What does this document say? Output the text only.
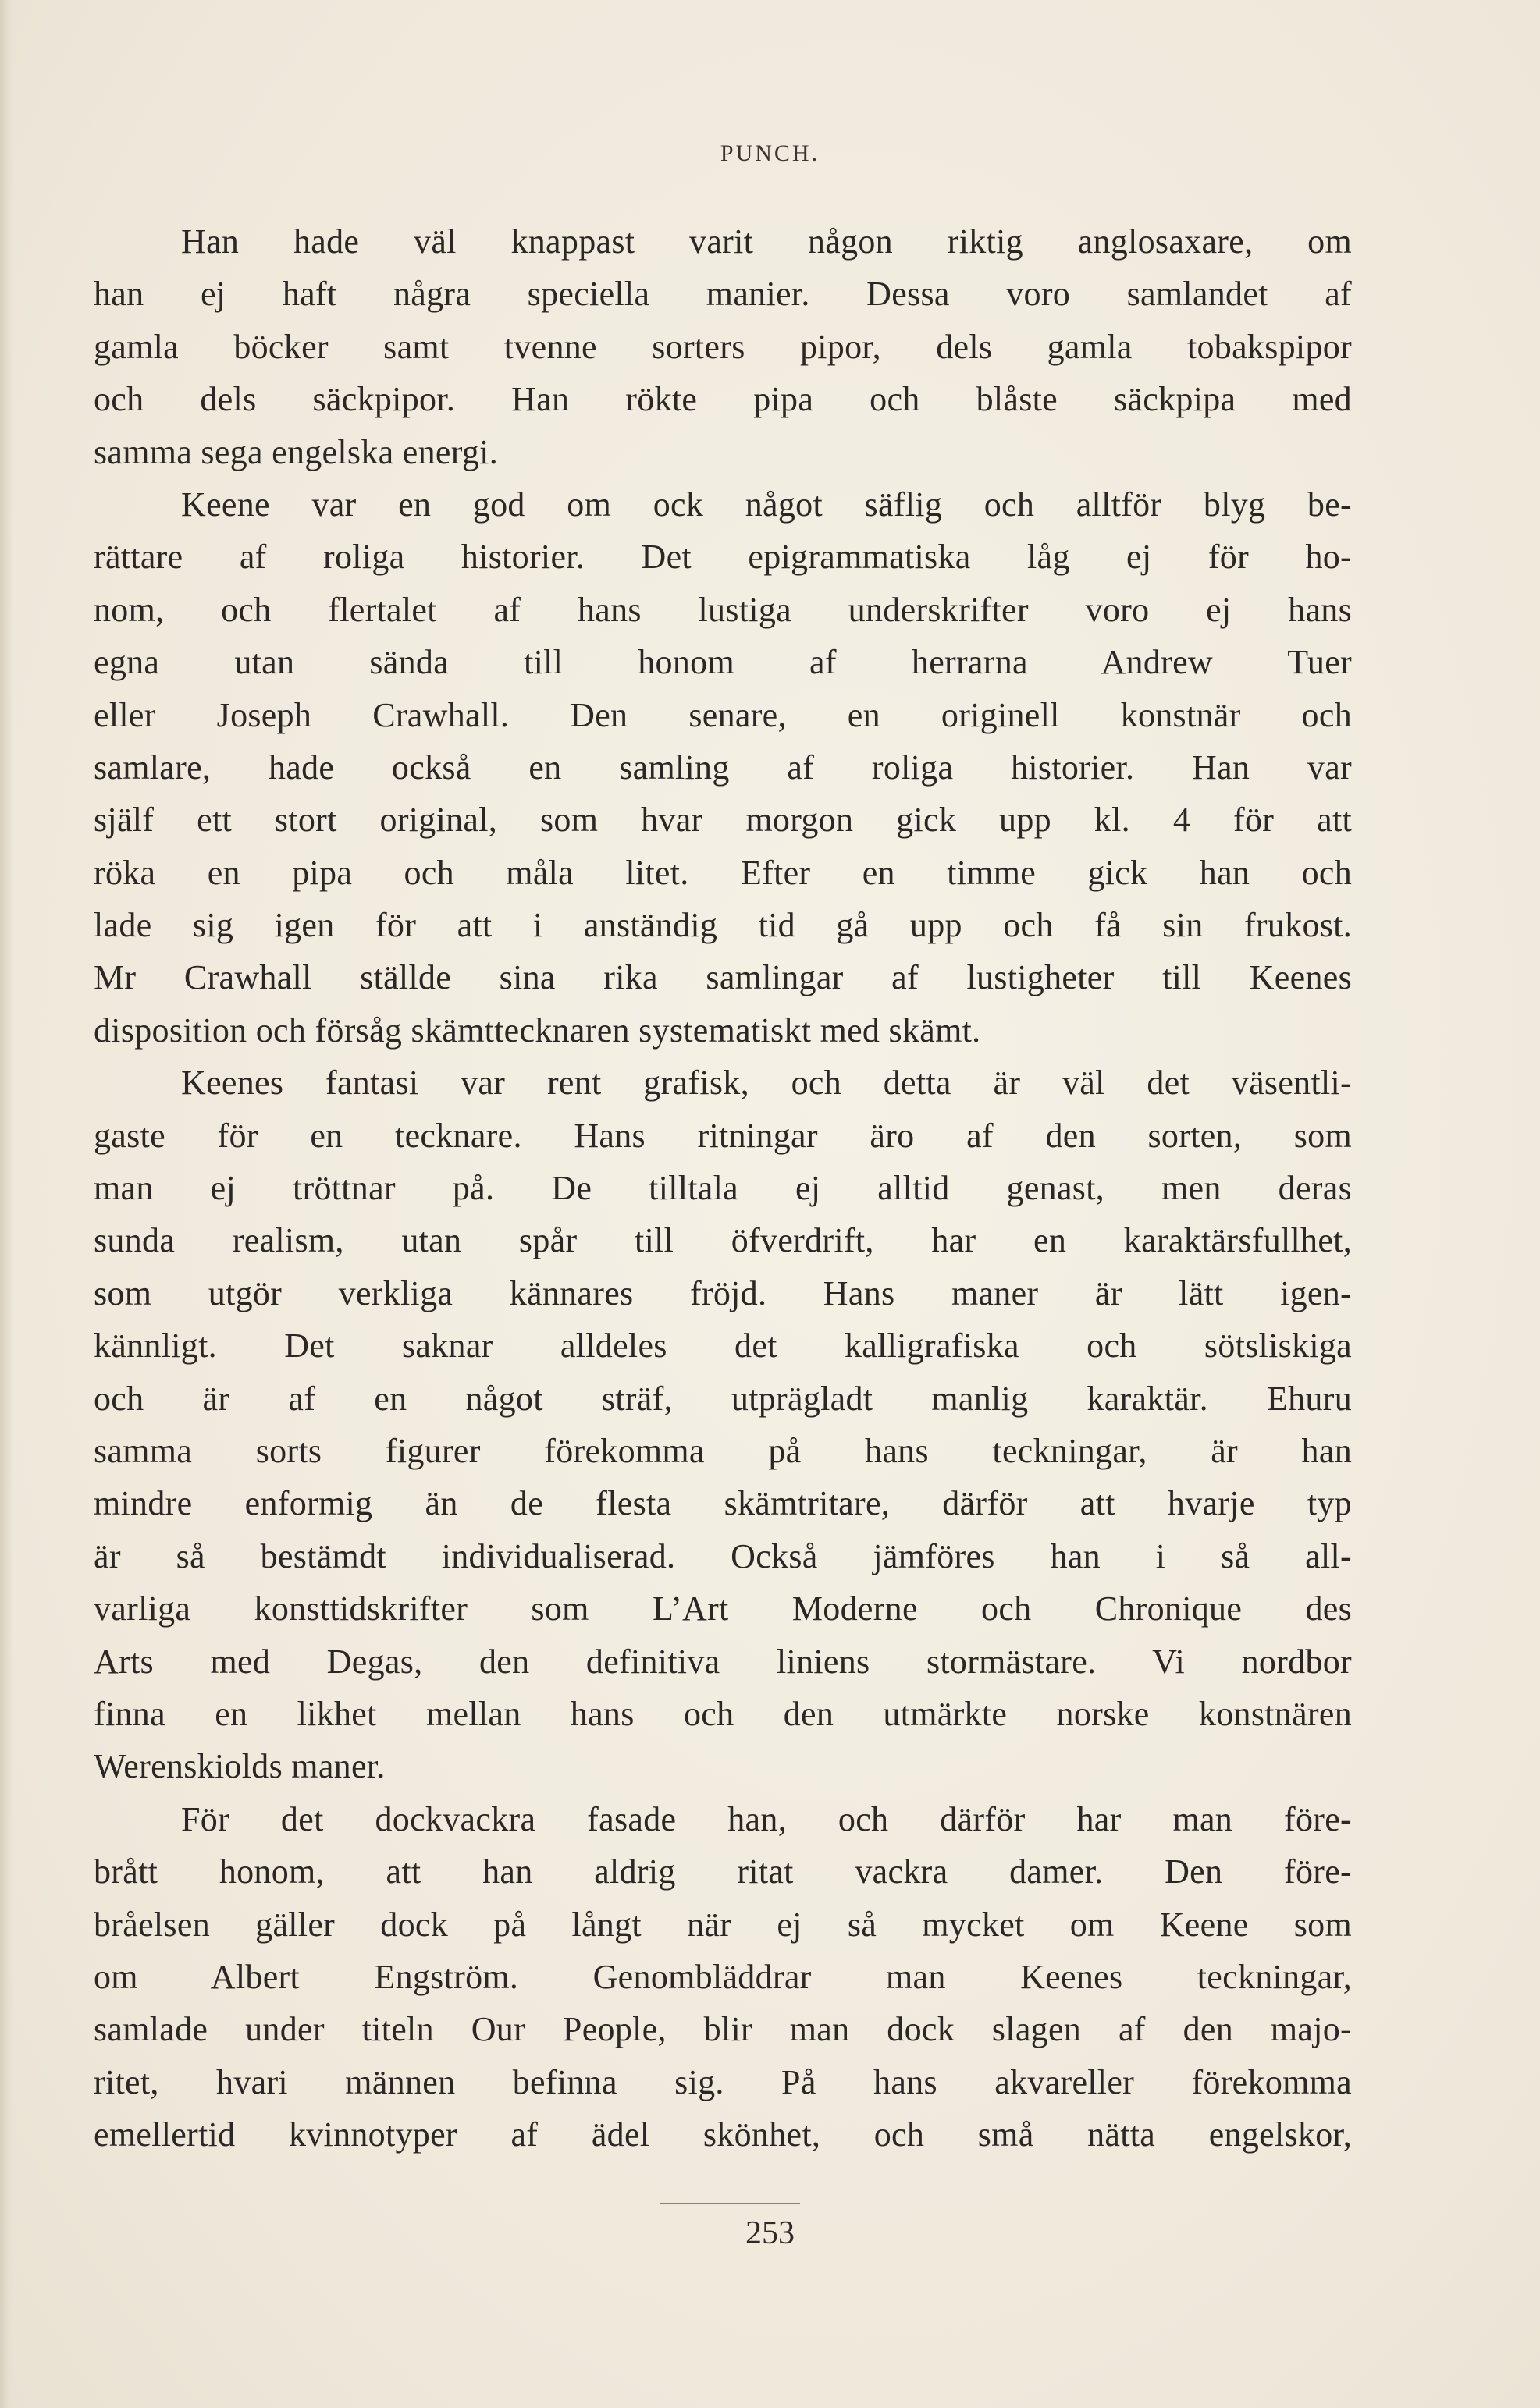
PUNCH.
Han hade väl knappast varit någon riktig anglosaxare, om
han ej haft några speciella manier. Dessa voro samlandet af
gamla böcker samt tvenne sorters pipor, dels gamla tobakspipor
och dels säckpipor. Han rökte pipa och blåste säckpipa med
samma sega engelska energi.
Keene var en god om ock något säflig och alltför blyg be-
rättare af roliga historier. Det epigrammatiska låg ej för ho-
nom, och flertalet af hans lustiga underskrifter voro ej hans
egna utan sända till honom af herrarna Andrew Tuer
eller Joseph Crawhall. Den senare, en originell konstnär och
samlare, hade också en samling af roliga historier. Han var
själf ett stort original, som hvar morgon gick upp kl. 4 för att
röka en pipa och måla litet. Efter en timme gick han och
lade sig igen för att i anständig tid gå upp och få sin frukost.
Mr Crawhall ställde sina rika samlingar af lustigheter till Keenes
disposition och försåg skämttecknaren systematiskt med skämt.
Keenes fantasi var rent grafisk, och detta är väl det väsentli-
gaste för en tecknare. Hans ritningar äro af den sorten, som
man ej tröttnar på. De tilltala ej alltid genast, men deras
sunda realism, utan spår till öfverdrift, har en karaktärsfullhet,
som utgör verkliga kännares fröjd. Hans maner är lätt igen-
kännligt. Det saknar alldeles det kalligrafiska och sötsliskiga
och är af en något sträf, utprägladt manlig karaktär. Ehuru
samma sorts figurer förekomma på hans teckningar, är han
mindre enformig än de flesta skämtritare, därför att hvarje typ
är så bestämdt individualiserad. Också jämföres han i så all-
varliga konsttidskrifter som L’Art Moderne och Chronique des
Arts med Degas, den definitiva liniens stormästare. Vi nordbor
finna en likhet mellan hans och den utmärkte norske konstnären
Werenskiolds maner.
För det dockvackra fasade han, och därför har man före-
brått honom, att han aldrig ritat vackra damer. Den före-
bråelsen gäller dock på långt när ej så mycket om Keene som
om Albert Engström. Genombläddrar man Keenes teckningar,
samlade under titeln Our People, blir man dock slagen af den majo-
ritet, hvari männen befinna sig. På hans akvareller förekomma
emellertid kvinnotyper af ädel skönhet, och små nätta engelskor,
253
